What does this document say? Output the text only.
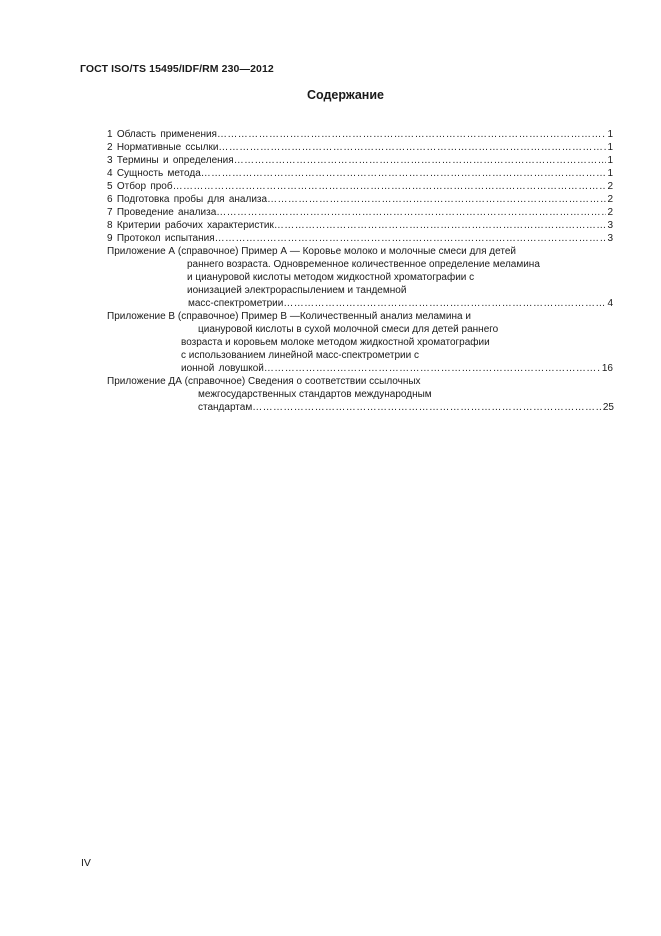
ГОСТ ISO/TS 15495/IDF/RM 230—2012
Содержание
1 Область применения ………………………………………………………………………………………………………………………………………………………………………………………………………………………………………………	1
2 Нормативные ссылки ………………………………………………………………………………………………………………………………………………………………………………………………………………………………………………	1
3 Термины и определения ………………………………………………………………………………………………………………………………………………………………………………………………………………………………………………	1
4 Сущность метода ………………………………………………………………………………………………………………………………………………………………………………………………………………………………………………	1
5 Отбор проб ………………………………………………………………………………………………………………………………………………………………………………………………………………………………………………	2
6 Подготовка пробы для анализа ………………………………………………………………………………………………………………………………………………………………………………………………………………………………………………	2
7 Проведение анализа ………………………………………………………………………………………………………………………………………………………………………………………………………………………………………………	2
8 Критерии рабочих характеристик ………………………………………………………………………………………………………………………………………………………………………………………………………………………………………………	3
9 Протокол испытания ………………………………………………………………………………………………………………………………………………………………………………………………………………………………………………	3
Приложение А (справочное) Пример А — Коровье молоко и молочные смеси для детей
раннего возраста. Одновременное количественное определение меламина
и циануровой кислоты методом жидкостной хроматографии с
ионизацией электрораспылением и тандемной
масс-спектрометрии ………………………………………………………………………………………………………………………………………………………………………………………………………………………………………………	4
Приложение В (справочное) Пример В —Количественный анализ меламина и
циануровой кислоты в сухой молочной смеси для детей раннего
возраста и коровьем молоке методом жидкостной хроматографии
с использованием линейной масс-спектрометрии с
ионной ловушкой ………………………………………………………………………………………………………………………………………………………………………………………………………………………………………………	16
Приложение ДА (справочное) Сведения о соответствии ссылочных
межгосударственных стандартов международным
стандартам ………………………………………………………………………………………………………………………………………………………………………………………………………………………………………………	25
IV
